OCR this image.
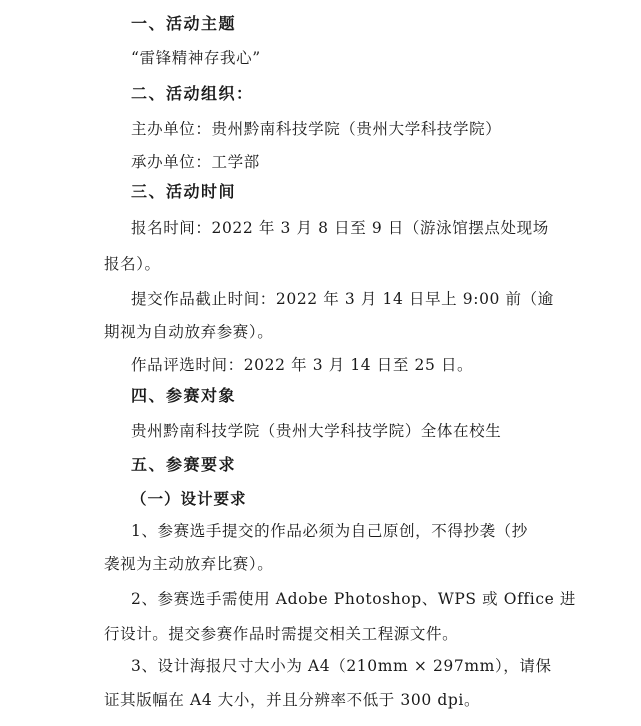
一、活动主题
“雷锋精神存我心”
二、活动组织：
主办单位：贵州黔南科技学院（贵州大学科技学院）
承办单位：工学部
三、活动时间
报名时间：2022 年 3 月 8 日至 9 日（游泳馆摆点处现场
报名）。
提交作品截止时间：2022 年 3 月 14 日早上 9:00 前（逾
期视为自动放弃参赛）。
作品评选时间：2022 年 3 月 14 日至 25 日。
四、参赛对象
贵州黔南科技学院（贵州大学科技学院）全体在校生
五、参赛要求
（一）设计要求
1、参赛选手提交的作品必须为自己原创，不得抄袭（抄
袭视为主动放弃比赛）。
2、参赛选手需使用 Adobe Photoshop、WPS 或 Office 进
行设计。提交参赛作品时需提交相关工程源文件。
3、设计海报尺寸大小为 A4（210mm × 297mm），请保
证其版幅在 A4 大小，并且分辨率不低于 300 dpi。
